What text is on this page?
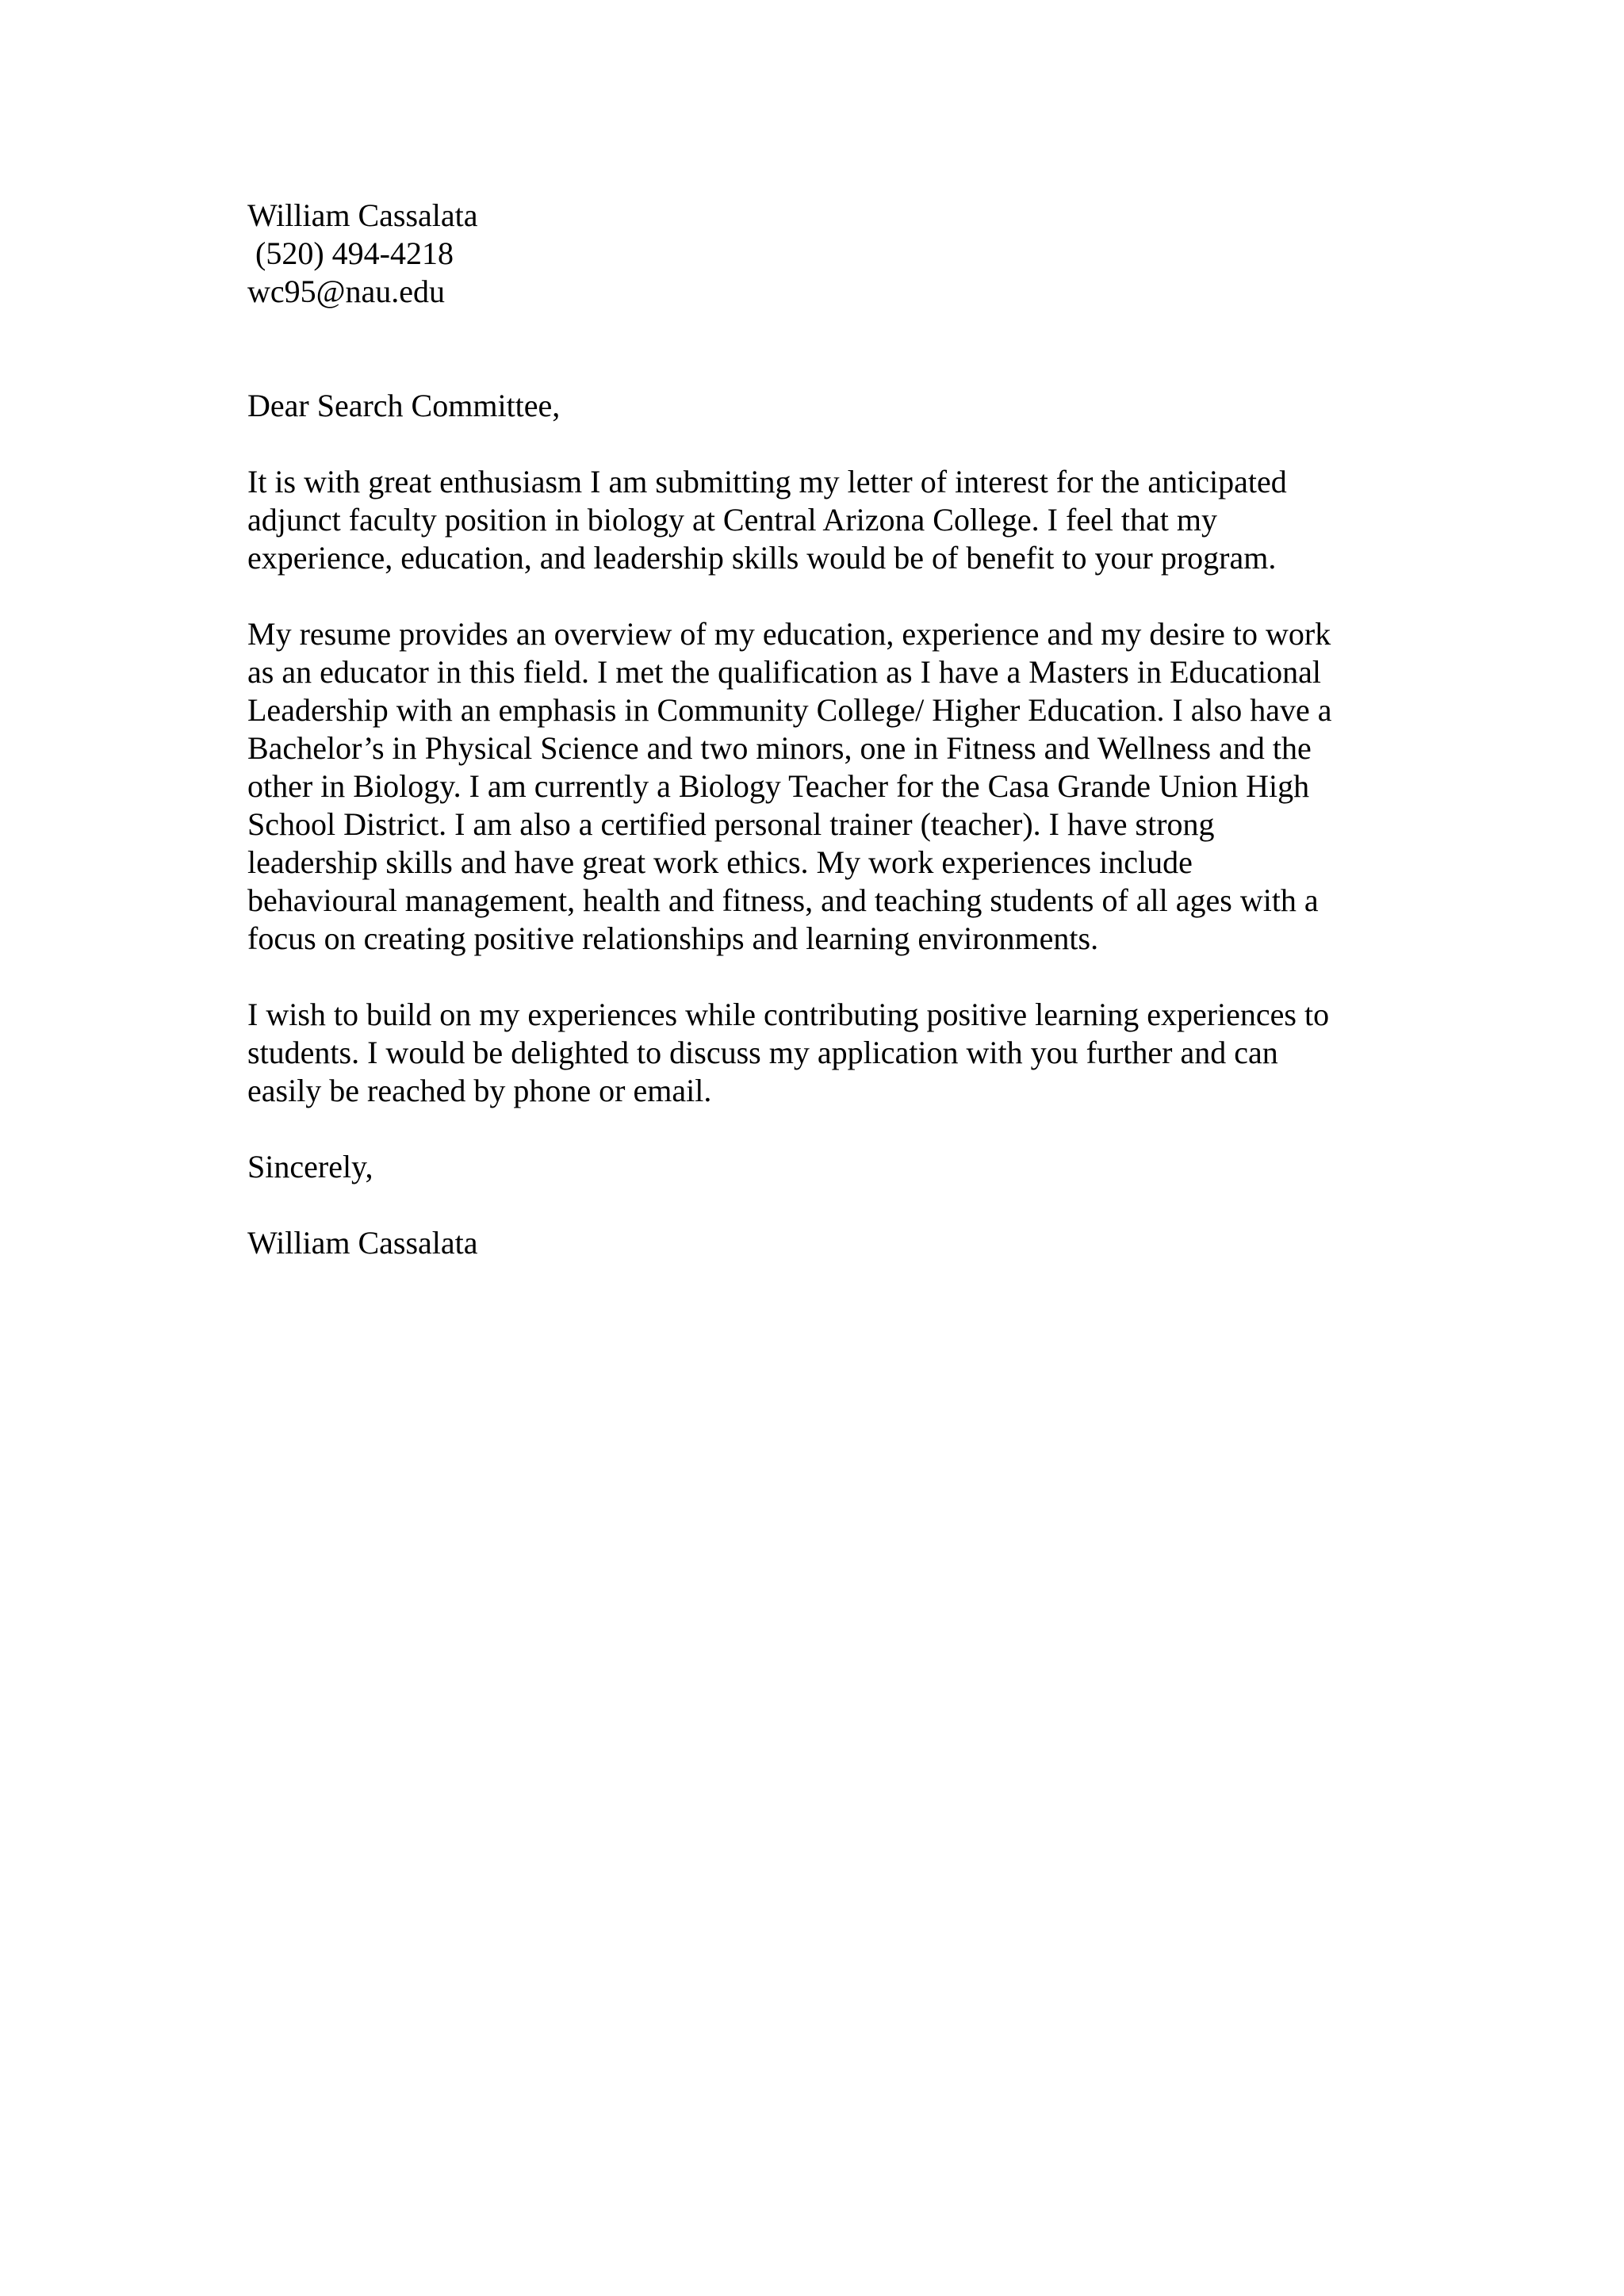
William Cassalata
(520) 494-4218
wc95@nau.edu
Dear Search Committee,
It is with great enthusiasm I am submitting my letter of interest for the anticipated
adjunct faculty position in biology at Central Arizona College. I feel that my
experience, education, and leadership skills would be of benefit to your program.
My resume provides an overview of my education, experience and my desire to work
as an educator in this field. I met the qualification as I have a Masters in Educational
Leadership with an emphasis in Community College/ Higher Education. I also have a
Bachelor’s in Physical Science and two minors, one in Fitness and Wellness and the
other in Biology. I am currently a Biology Teacher for the Casa Grande Union High
School District. I am also a certified personal trainer (teacher). I have strong
leadership skills and have great work ethics. My work experiences include
behavioural management, health and fitness, and teaching students of all ages with a
focus on creating positive relationships and learning environments.
I wish to build on my experiences while contributing positive learning experiences to
students. I would be delighted to discuss my application with you further and can
easily be reached by phone or email.
Sincerely,
William Cassalata
